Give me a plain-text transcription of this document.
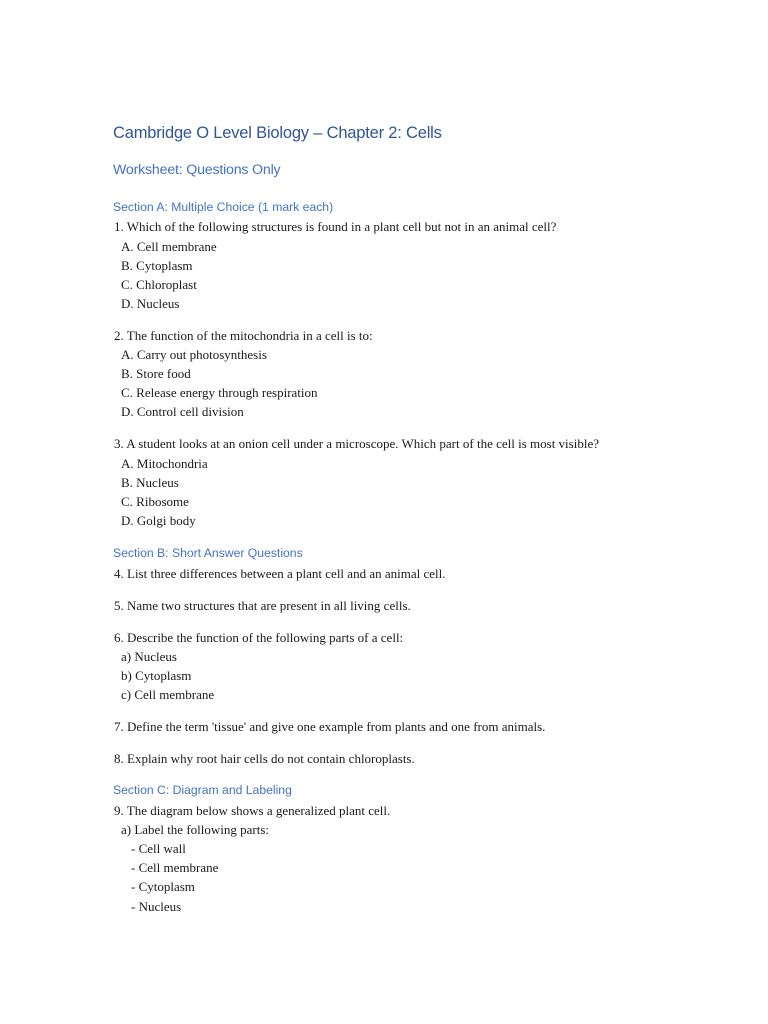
Cambridge O Level Biology – Chapter 2: Cells
Worksheet: Questions Only
Section A: Multiple Choice (1 mark each)
1. Which of the following structures is found in a plant cell but not in an animal cell?
A. Cell membrane
B. Cytoplasm
C. Chloroplast
D. Nucleus
2. The function of the mitochondria in a cell is to:
A. Carry out photosynthesis
B. Store food
C. Release energy through respiration
D. Control cell division
3. A student looks at an onion cell under a microscope. Which part of the cell is most visible?
A. Mitochondria
B. Nucleus
C. Ribosome
D. Golgi body
Section B: Short Answer Questions
4. List three differences between a plant cell and an animal cell.
5. Name two structures that are present in all living cells.
6. Describe the function of the following parts of a cell:
a) Nucleus
b) Cytoplasm
c) Cell membrane
7. Define the term 'tissue' and give one example from plants and one from animals.
8. Explain why root hair cells do not contain chloroplasts.
Section C: Diagram and Labeling
9. The diagram below shows a generalized plant cell.
a) Label the following parts:
- Cell wall
- Cell membrane
- Cytoplasm
- Nucleus
